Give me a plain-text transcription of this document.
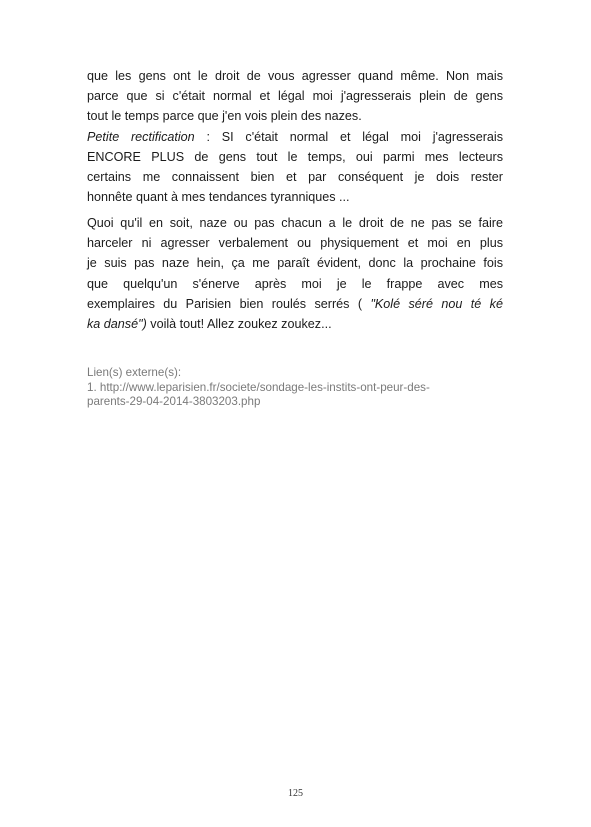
que les gens ont le droit de vous agresser quand même. Non mais
parce que si c'était normal et légal moi j'agresserais plein de gens
tout le temps parce que j'en vois plein des nazes.
Petite rectification : SI c'était normal et légal moi j'agresserais
ENCORE PLUS de gens tout le temps, oui parmi mes lecteurs
certains me connaissent bien et par conséquent je dois rester
honnête quant à mes tendances tyranniques ...
Quoi qu'il en soit, naze ou pas chacun a le droit de ne pas se faire
harceler ni agresser verbalement ou physiquement et moi en plus
je suis pas naze hein, ça me paraît évident, donc la prochaine fois
que quelqu'un s'énerve après moi je le frappe avec mes
exemplaires du Parisien bien roulés serrés ( "Kolé séré nou té ké
ka dansé") voilà tout! Allez zoukez zoukez...
Lien(s) externe(s):
1. http://www.leparisien.fr/societe/sondage-les-instits-ont-peur-des-
parents-29-04-2014-3803203.php
125
